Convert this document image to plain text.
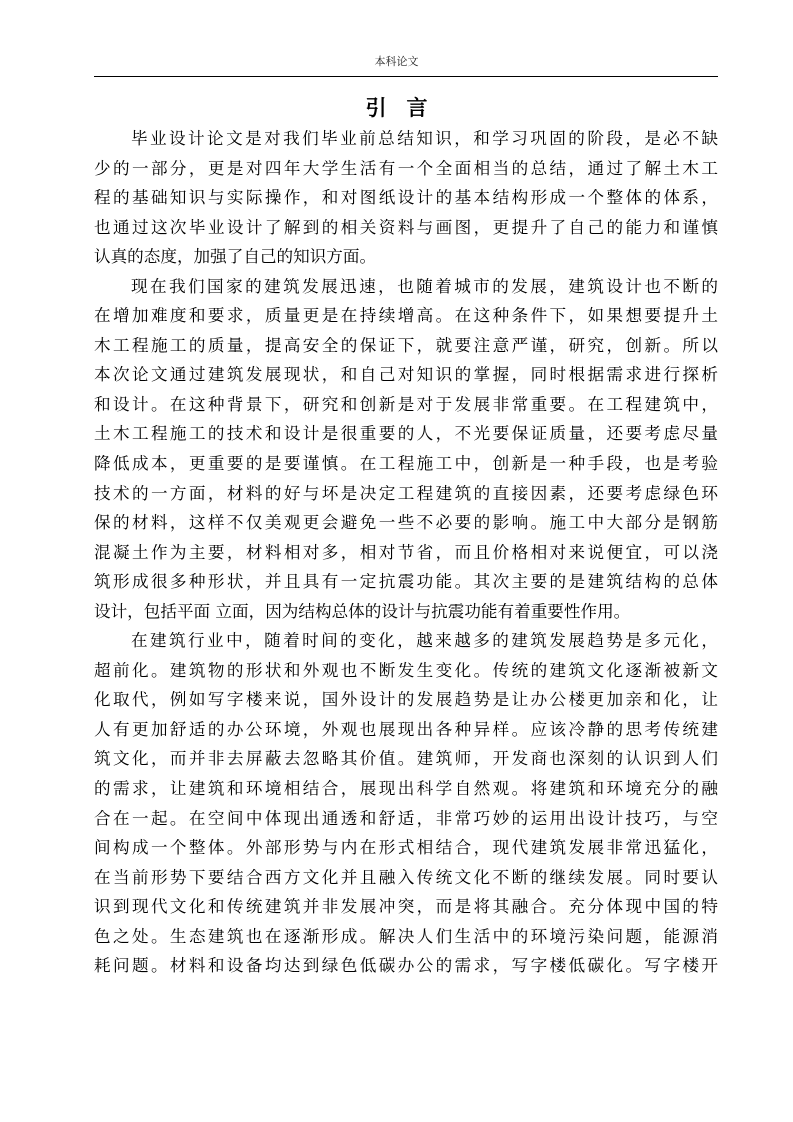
本科论文
引言

毕业设计论文是对我们毕业前总结知识，和学习巩固的阶段，是必不缺
少的一部分，更是对四年大学生活有一个全面相当的总结，通过了解土木工
程的基础知识与实际操作，和对图纸设计的基本结构形成一个整体的体系，
也通过这次毕业设计了解到的相关资料与画图，更提升了自己的能力和谨慎
认真的态度，加强了自己的知识方面。

现在我们国家的建筑发展迅速，也随着城市的发展，建筑设计也不断的
在增加难度和要求，质量更是在持续增高。在这种条件下，如果想要提升土
木工程施工的质量，提高安全的保证下，就要注意严谨，研究，创新。所以
本次论文通过建筑发展现状，和自己对知识的掌握，同时根据需求进行探析
和设计。在这种背景下，研究和创新是对于发展非常重要。在工程建筑中，
土木工程施工的技术和设计是很重要的人，不光要保证质量，还要考虑尽量
降低成本，更重要的是要谨慎。在工程施工中，创新是一种手段，也是考验
技术的一方面，材料的好与坏是决定工程建筑的直接因素，还要考虑绿色环
保的材料，这样不仅美观更会避免一些不必要的影响。施工中大部分是钢筋
混凝土作为主要，材料相对多，相对节省，而且价格相对来说便宜，可以浇
筑形成很多种形状，并且具有一定抗震功能。其次主要的是建筑结构的总体
设计，包括平面 立面，因为结构总体的设计与抗震功能有着重要性作用。

在建筑行业中，随着时间的变化，越来越多的建筑发展趋势是多元化，
超前化。建筑物的形状和外观也不断发生变化。传统的建筑文化逐渐被新文
化取代，例如写字楼来说，国外设计的发展趋势是让办公楼更加亲和化，让
人有更加舒适的办公环境，外观也展现出各种异样。应该冷静的思考传统建
筑文化，而并非去屏蔽去忽略其价值。建筑师，开发商也深刻的认识到人们
的需求，让建筑和环境相结合，展现出科学自然观。将建筑和环境充分的融
合在一起。在空间中体现出通透和舒适，非常巧妙的运用出设计技巧，与空
间构成一个整体。外部形势与内在形式相结合，现代建筑发展非常迅猛化，
在当前形势下要结合西方文化并且融入传统文化不断的继续发展。同时要认
识到现代文化和传统建筑并非发展冲突，而是将其融合。充分体现中国的特
色之处。生态建筑也在逐渐形成。解决人们生活中的环境污染问题，能源消
耗问题。材料和设备均达到绿色低碳办公的需求，写字楼低碳化。写字楼开
